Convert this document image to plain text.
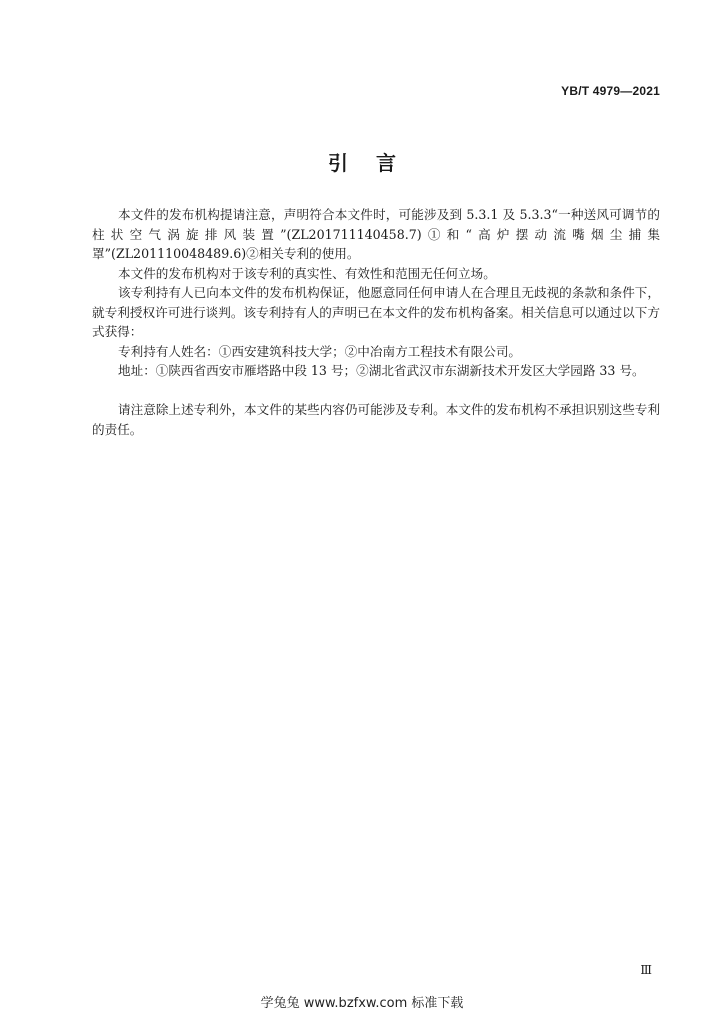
YB/T 4979—2021
引言

本文件的发布机构提请注意，声明符合本文件时，可能涉及到 5.3.1 及 5.3.3“一种送风可调节的柱状空气涡旋排风装置”(ZL201711140458.7)①和“高炉摆动流嘴烟尘捕集罩”(ZL201110048489.6)②相关专利的使用。

本文件的发布机构对于该专利的真实性、有效性和范围无任何立场。

该专利持有人已向本文件的发布机构保证，他愿意同任何申请人在合理且无歧视的条款和条件下，就专利授权许可进行谈判。该专利持有人的声明已在本文件的发布机构备案。相关信息可以通过以下方式获得：

专利持有人姓名：①西安建筑科技大学；②中冶南方工程技术有限公司。

地址：①陕西省西安市雁塔路中段 13 号；②湖北省武汉市东湖新技术开发区大学园路 33 号。

请注意除上述专利外，本文件的某些内容仍可能涉及专利。本文件的发布机构不承担识别这些专利的责任。

Ⅲ
学兔兔 www.bzfxw.com 标准下载
